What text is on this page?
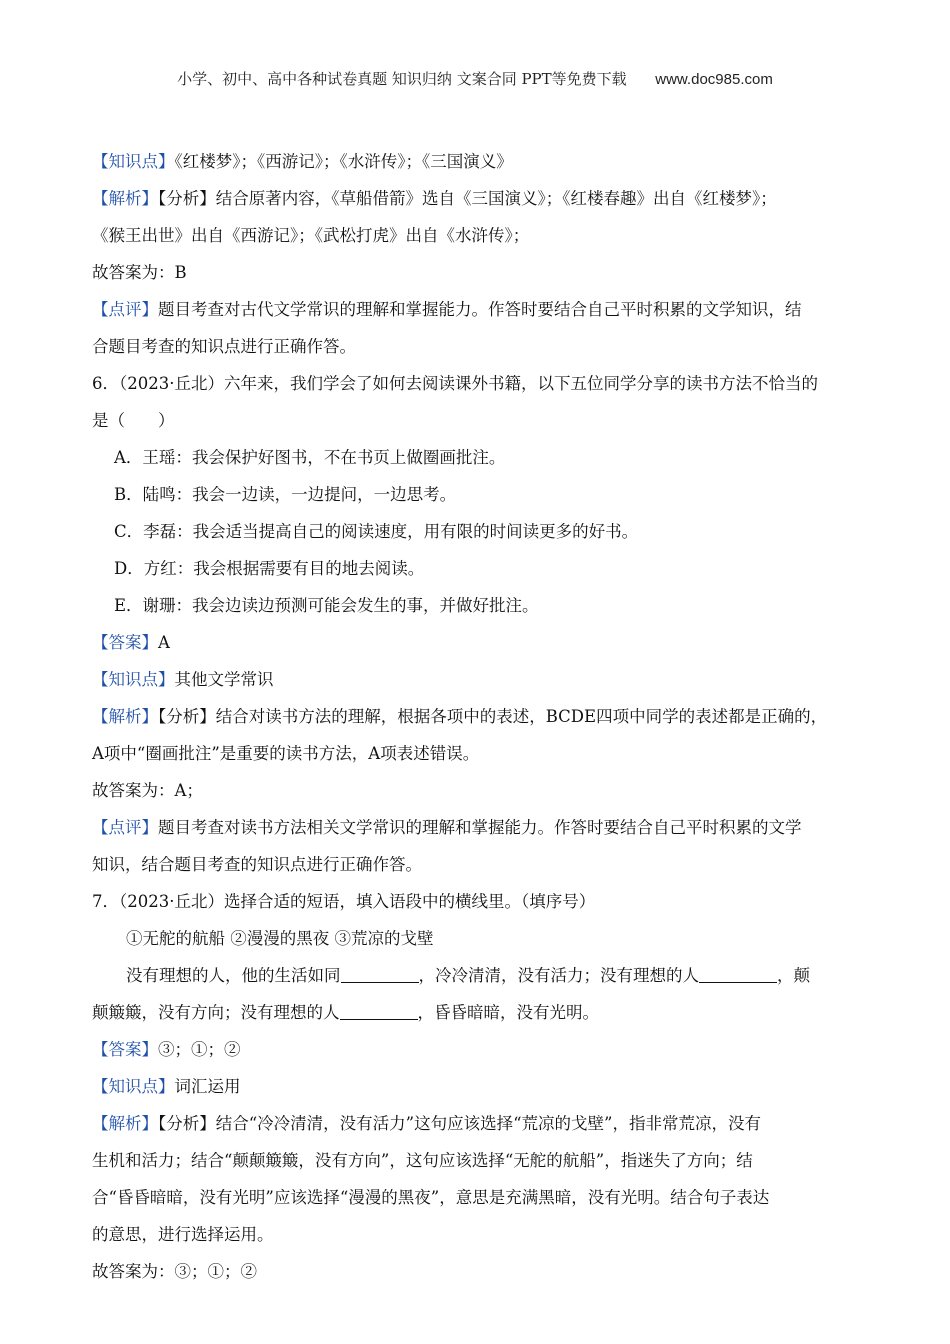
小学、初中、高中各种试卷真题 知识归纳 文案合同 PPT等免费下载 www.doc985.com
【知识点】《红楼梦》；《西游记》；《水浒传》；《三国演义》
【解析】【分析】结合原著内容，《草船借箭》选自《三国演义》；《红楼春趣》出自《红楼梦》；
《猴王出世》出自《西游记》；《武松打虎》出自《水浒传》；
故答案为：B
【点评】题目考查对古代文学常识的理解和掌握能力。作答时要结合自己平时积累的文学知识，结
合题目考查的知识点进行正确作答。
6．（2023·丘北）六年来，我们学会了如何去阅读课外书籍，以下五位同学分享的读书方法不恰当的
是（　　）
A．王瑶：我会保护好图书，不在书页上做圈画批注。
B．陆鸣：我会一边读，一边提问，一边思考。
C．李磊：我会适当提高自己的阅读速度，用有限的时间读更多的好书。
D．方红：我会根据需要有目的地去阅读。
E．谢珊：我会边读边预测可能会发生的事，并做好批注。
【答案】A
【知识点】其他文学常识
【解析】【分析】结合对读书方法的理解，根据各项中的表述，BCDE四项中同学的表述都是正确的，
A项中“圈画批注”是重要的读书方法，A项表述错误。
故答案为：A；
【点评】题目考查对读书方法相关文学常识的理解和掌握能力。作答时要结合自己平时积累的文学
知识，结合题目考查的知识点进行正确作答。
7．（2023·丘北）选择合适的短语，填入语段中的横线里。（填序号）
①无舵的航船 ②漫漫的黑夜 ③荒凉的戈壁
没有理想的人，他的生活如同	，冷冷清清，没有活力；没有理想的人	，颠
颠簸簸，没有方向；没有理想的人	，昏昏暗暗，没有光明。
【答案】③；①；②
【知识点】词汇运用
【解析】【分析】结合“冷冷清清，没有活力”这句应该选择“荒凉的戈壁”，指非常荒凉，没有
生机和活力；结合“颠颠簸簸，没有方向”，这句应该选择“无舵的航船”，指迷失了方向；结
合“昏昏暗暗，没有光明”应该选择“漫漫的黑夜”，意思是充满黑暗，没有光明。结合句子表达
的意思，进行选择运用。
故答案为：③；①；②
